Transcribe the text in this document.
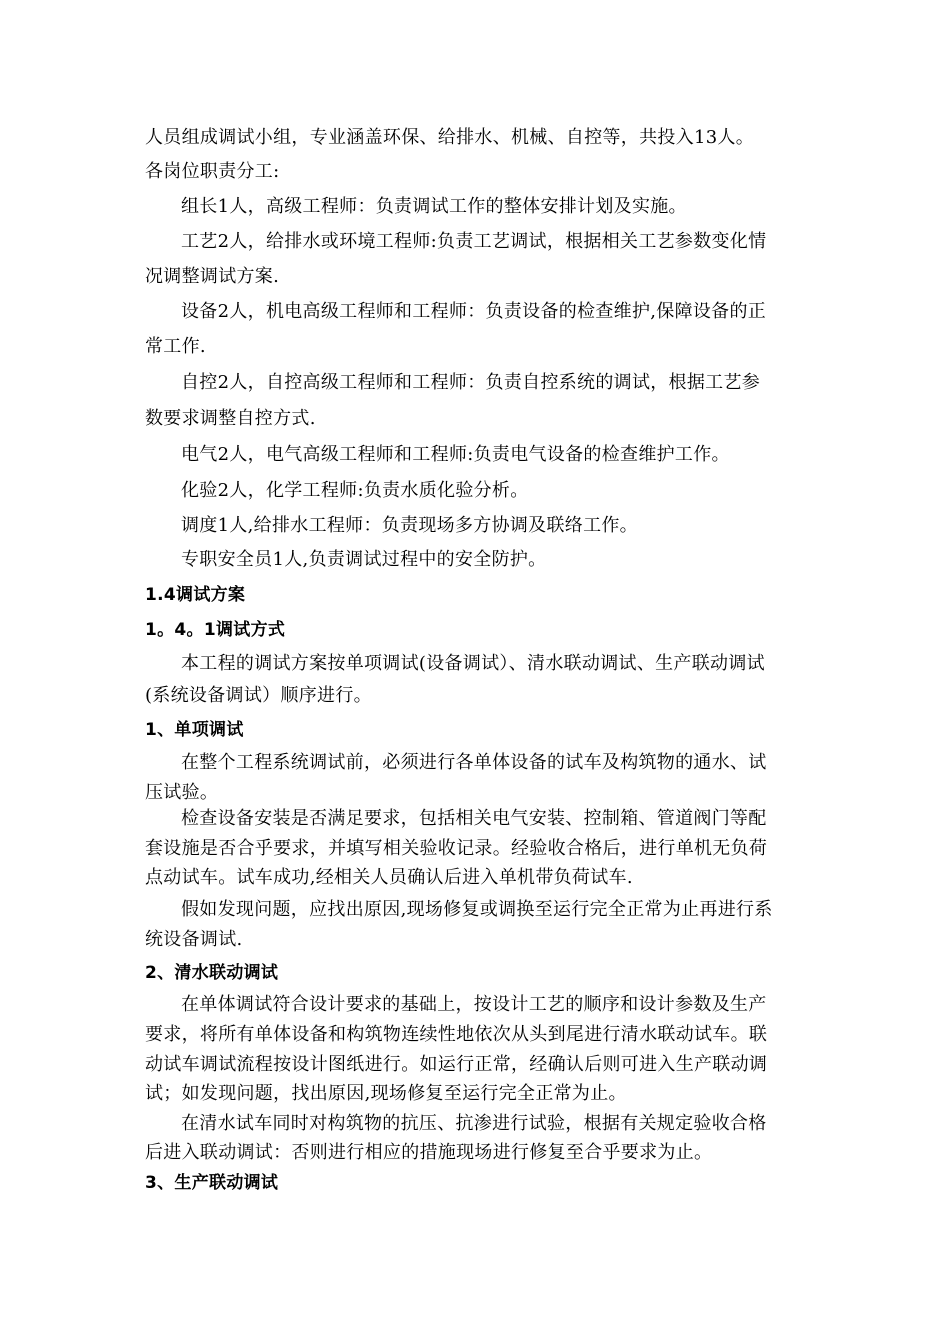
人员组成调试小组，专业涵盖环保、给排水、机械、自控等，共投入13人。
各岗位职责分工:
组长1人，高级工程师：负责调试工作的整体安排计划及实施。
工艺2人，给排水或环境工程师:负责工艺调试，根据相关工艺参数变化情
况调整调试方案.
设备2人，机电高级工程师和工程师：负责设备的检查维护,保障设备的正
常工作.
自控2人，自控高级工程师和工程师：负责自控系统的调试，根据工艺参
数要求调整自控方式.
电气2人，电气高级工程师和工程师:负责电气设备的检查维护工作。
化验2人，化学工程师:负责水质化验分析。
调度1人,给排水工程师：负责现场多方协调及联络工作。
专职安全员1人,负责调试过程中的安全防护。
1.4调试方案
1。4。1调试方式
本工程的调试方案按单项调试(设备调试）、清水联动调试、生产联动调试
(系统设备调试）顺序进行。
1、单项调试
在整个工程系统调试前，必须进行各单体设备的试车及构筑物的通水、试
压试验。
检查设备安装是否满足要求，包括相关电气安装、控制箱、管道阀门等配
套设施是否合乎要求，并填写相关验收记录。经验收合格后，进行单机无负荷
点动试车。试车成功,经相关人员确认后进入单机带负荷试车.
假如发现问题，应找出原因,现场修复或调换至运行完全正常为止再进行系
统设备调试.
2、清水联动调试
在单体调试符合设计要求的基础上，按设计工艺的顺序和设计参数及生产
要求，将所有单体设备和构筑物连续性地依次从头到尾进行清水联动试车。联
动试车调试流程按设计图纸进行。如运行正常，经确认后则可进入生产联动调
试；如发现问题，找出原因,现场修复至运行完全正常为止。
在清水试车同时对构筑物的抗压、抗渗进行试验，根据有关规定验收合格
后进入联动调试：否则进行相应的措施现场进行修复至合乎要求为止。
3、生产联动调试
